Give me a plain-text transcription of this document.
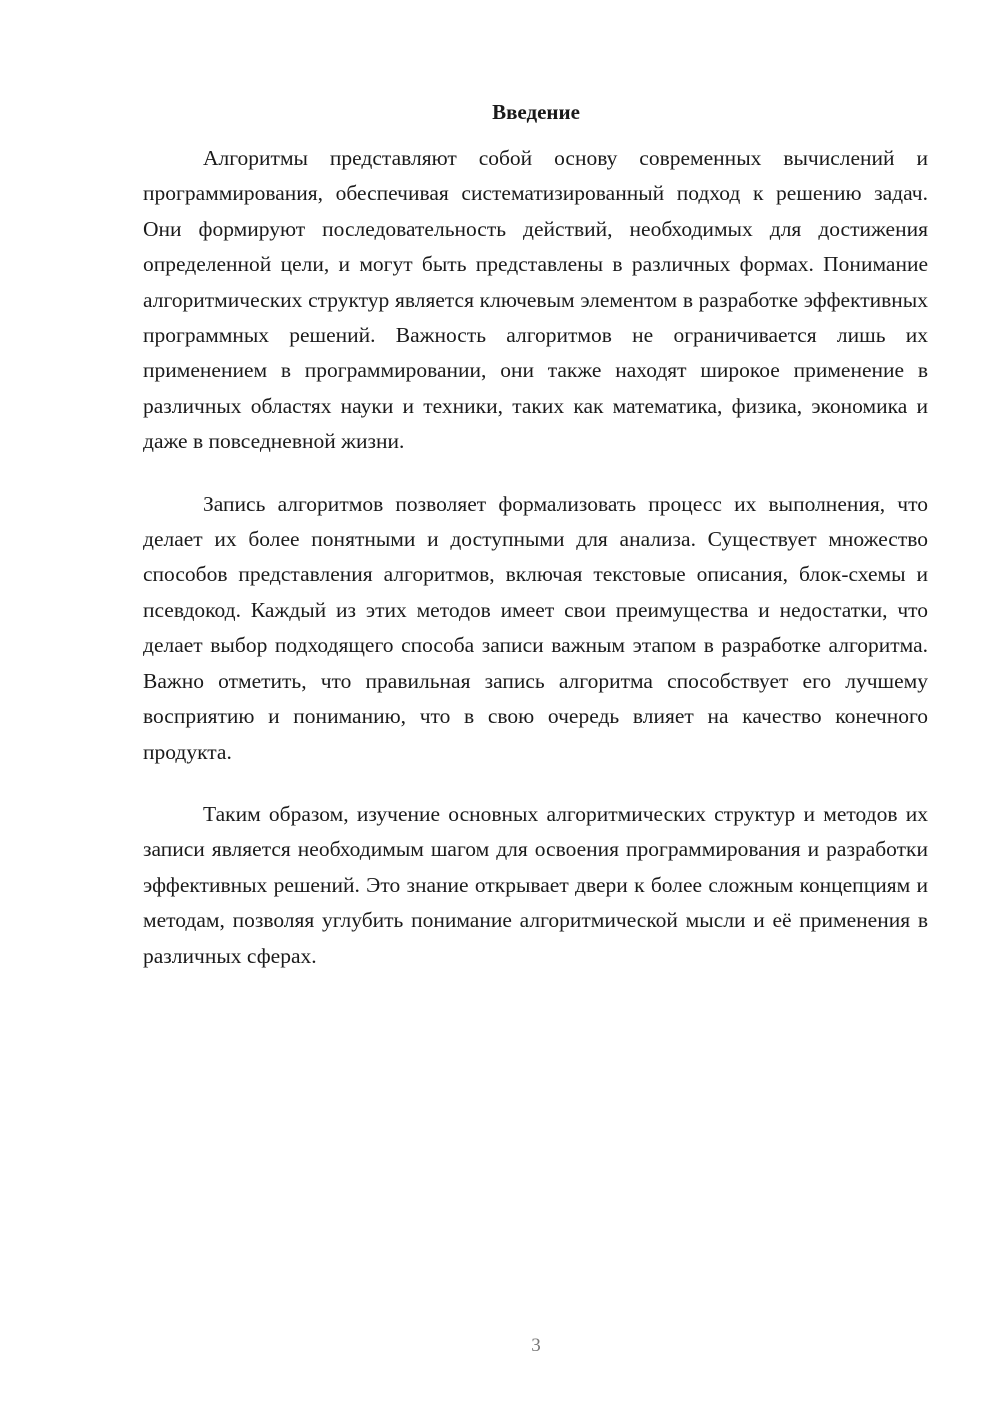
Введение

Алгоритмы представляют собой основу современных вычислений и программирования, обеспечивая систематизированный подход к решению задач. Они формируют последовательность действий, необходимых для достижения определенной цели, и могут быть представлены в различных формах. Понимание алгоритмических структур является ключевым элементом в разработке эффективных программных решений. Важность алгоритмов не ограничивается лишь их применением в программировании, они также находят широкое применение в различных областях науки и техники, таких как математика, физика, экономика и даже в повседневной жизни.

Запись алгоритмов позволяет формализовать процесс их выполнения, что делает их более понятными и доступными для анализа. Существует множество способов представления алгоритмов, включая текстовые описания, блок-схемы и псевдокод. Каждый из этих методов имеет свои преимущества и недостатки, что делает выбор подходящего способа записи важным этапом в разработке алгоритма. Важно отметить, что правильная запись алгоритма способствует его лучшему восприятию и пониманию, что в свою очередь влияет на качество конечного продукта.

Таким образом, изучение основных алгоритмических структур и методов их записи является необходимым шагом для освоения программирования и разработки эффективных решений. Это знание открывает двери к более сложным концепциям и методам, позволяя углубить понимание алгоритмической мысли и её применения в различных сферах.

3
